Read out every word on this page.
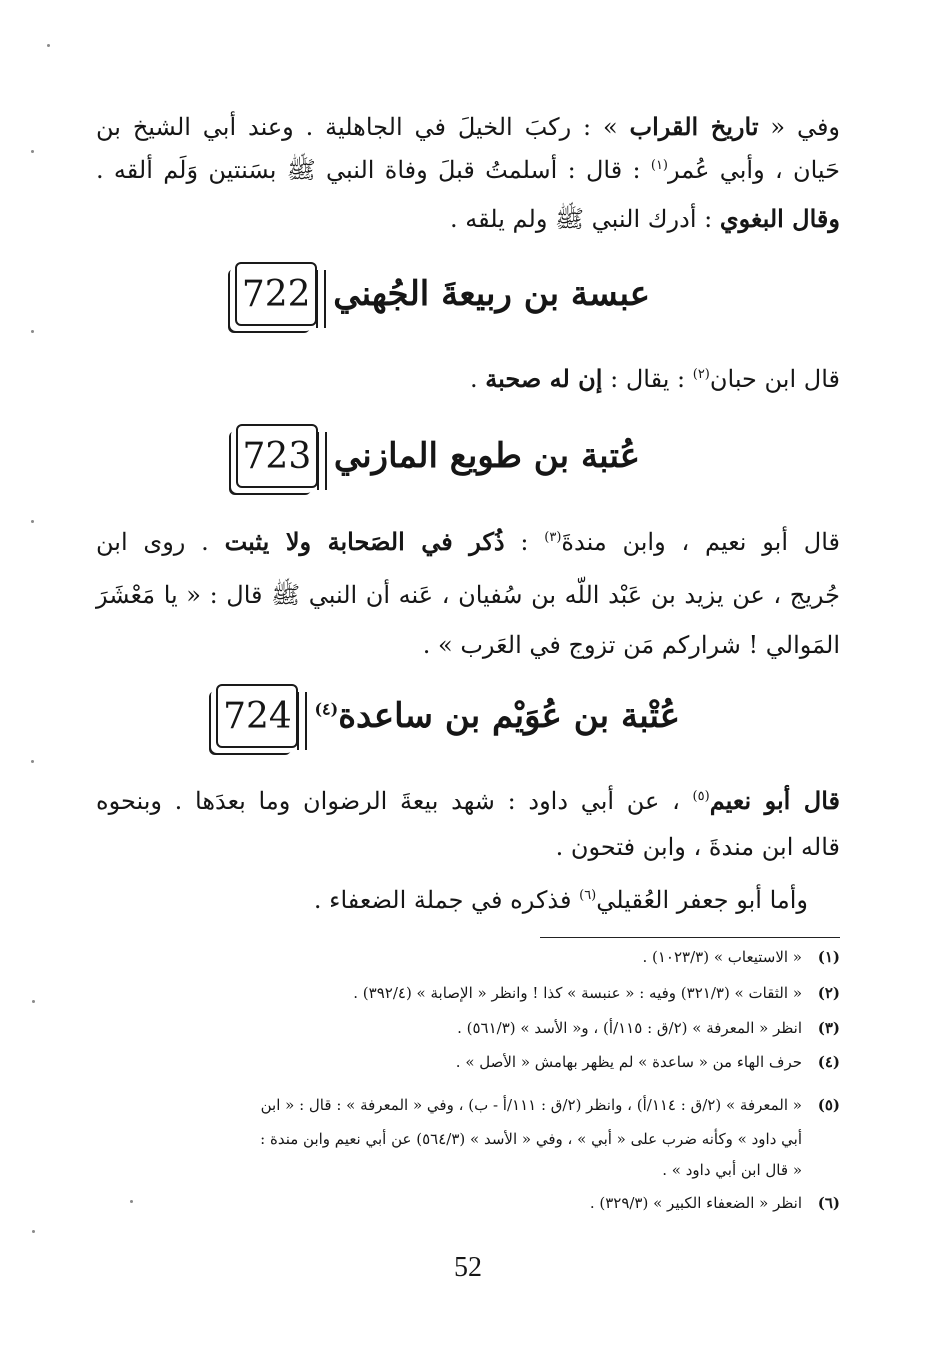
وفي « تاريخ القراب » : ركبَ الخيلَ في الجاهلية . وعند أبي الشيخ بن
حَيان ، وأبي عُمر$^{(١)}$ : قال : أسلمتُ قبلَ وفاة النبي ﷺ بسَنتين وَلَم ألقه .
وقال البغوي : أدرك النبي ﷺ ولم يلقه .
عبسة بن ربيعةَ الجُهني
722
قال ابن حبان$^{(٢)}$ : يقال : إن له صحبة .
عُتبة بن طويع المازني
723
قال أبو نعيم ، وابن مندةَ$^{(٣)}$ : ذُكر في الصَحابة ولا يثبت . روى ابن
جُريج ، عن يزيد بن عَبْد اللّه بن سُفيان ، عَنه أن النبي ﷺ قال : « يا مَعْشَرَ
المَوالي ! شراركم مَن تزوج في العَرب » .
عُتْبة بن عُوَيْم بن ساعدة$^{(٤)}$
724
قال أبو نعيم$^{(٥)}$ ، عن أبي داود : شهد بيعةَ الرضوان وما بعدَها . وبنحوه
قاله ابن مندةَ ، وابن فتحون .
وأما أبو جعفر العُقيلي$^{(٦)}$ فذكره في جملة الضعفاء .
(١)« الاستيعاب » (١٠٢٣/٣) .
(٢)« الثقات » (٣٢١/٣) وفيه : « عنبسة » كذا ! وانظر « الإصابة » (٣٩٢/٤) .
(٣)انظر « المعرفة » (٢/ق : ١١٥/أ) ، و« الأسد » (٥٦١/٣) .
(٤)حرف الهاء من « ساعدة » لم يظهر بهامش « الأصل » .
(٥)« المعرفة » (٢/ق : ١١٤/أ) ، وانظر (٢/ق : ١١١/أ - ب) ، وفي « المعرفة » : قال : « ابن
أبي داود » وكأنه ضرب على « أبي » ، وفي « الأسد » (٥٦٤/٣) عن أبي نعيم وابن مندة :
« قال ابن أبي داود » .
(٦)انظر « الضعفاء الكبير » (٣٢٩/٣) .
52
